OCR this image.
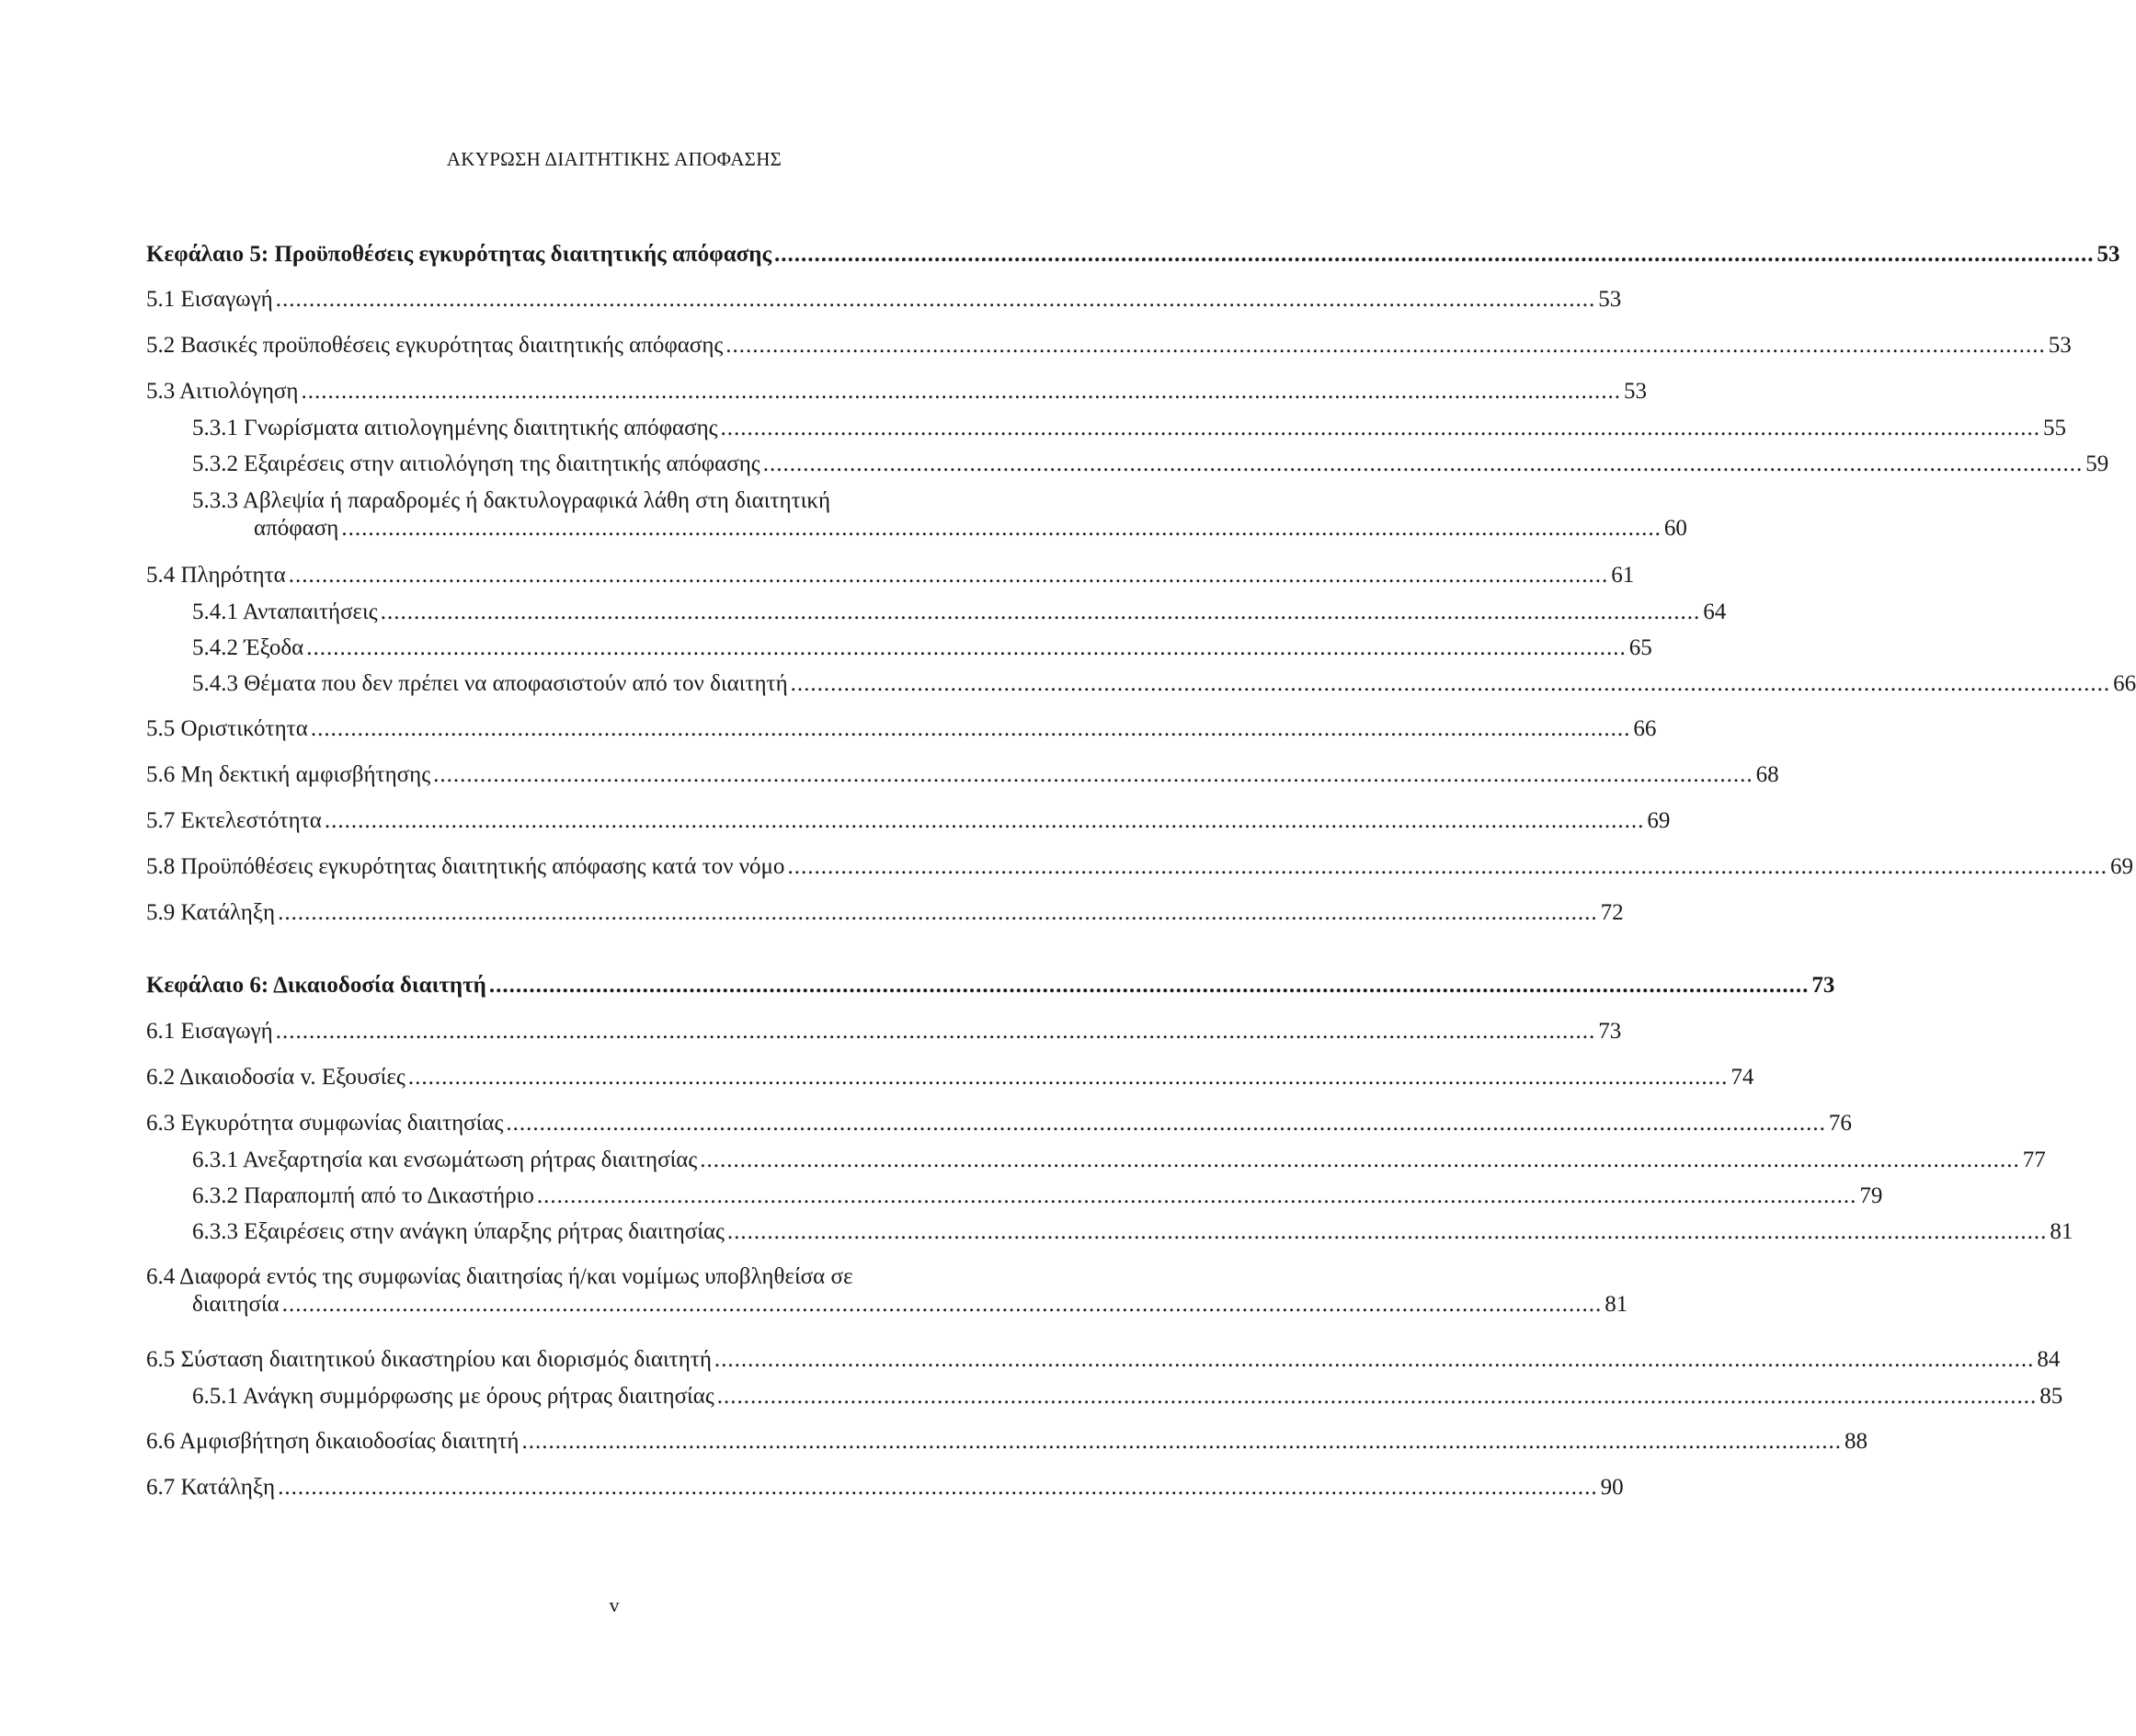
ΑΚΥΡΩΣΗ ΔΙΑΙΤΗΤΙΚΗΣ ΑΠΟΦΑΣΗΣ
Κεφάλαιο 5: Προϋποθέσεις εγκυρότητας διαιτητικής απόφασης ...................................................................................................................................................................................................... 53
5.1 Εισαγωγή ...................................................................................................................................................................................................... 53
5.2 Βασικές προϋποθέσεις εγκυρότητας διαιτητικής απόφασης ...................................................................................................................................................................................................... 53
5.3 Αιτιολόγηση ...................................................................................................................................................................................................... 53
5.3.1 Γνωρίσματα αιτιολογημένης διαιτητικής απόφασης ...................................................................................................................................................................................................... 55
5.3.2 Εξαιρέσεις στην αιτιολόγηση της διαιτητικής απόφασης ...................................................................................................................................................................................................... 59
5.3.3 Αβλεψία ή παραδρομές ή δακτυλογραφικά λάθη στη διαιτητική
απόφαση ...................................................................................................................................................................................................... 60
5.4 Πληρότητα ...................................................................................................................................................................................................... 61
5.4.1 Ανταπαιτήσεις ...................................................................................................................................................................................................... 64
5.4.2 Έξοδα ...................................................................................................................................................................................................... 65
5.4.3 Θέματα που δεν πρέπει να αποφασιστούν από τον διαιτητή ...................................................................................................................................................................................................... 66
5.5 Οριστικότητα ...................................................................................................................................................................................................... 66
5.6 Μη δεκτική αμφισβήτησης ...................................................................................................................................................................................................... 68
5.7 Εκτελεστότητα ...................................................................................................................................................................................................... 69
5.8 Προϋπόθέσεις εγκυρότητας διαιτητικής απόφασης κατά τον νόμο ...................................................................................................................................................................................................... 69
5.9 Κατάληξη ...................................................................................................................................................................................................... 72
Κεφάλαιο 6: Δικαιοδοσία διαιτητή ...................................................................................................................................................................................................... 73
6.1 Εισαγωγή ...................................................................................................................................................................................................... 73
6.2 Δικαιοδοσία v. Εξουσίες ...................................................................................................................................................................................................... 74
6.3 Εγκυρότητα συμφωνίας διαιτησίας ...................................................................................................................................................................................................... 76
6.3.1 Ανεξαρτησία και ενσωμάτωση ρήτρας διαιτησίας ...................................................................................................................................................................................................... 77
6.3.2 Παραπομπή από το Δικαστήριο ...................................................................................................................................................................................................... 79
6.3.3 Εξαιρέσεις στην ανάγκη ύπαρξης ρήτρας διαιτησίας ...................................................................................................................................................................................................... 81
6.4 Διαφορά εντός της συμφωνίας διαιτησίας ή/και νομίμως υποβληθείσα σε
διαιτησία ...................................................................................................................................................................................................... 81
6.5 Σύσταση διαιτητικού δικαστηρίου και διορισμός διαιτητή ...................................................................................................................................................................................................... 84
6.5.1 Ανάγκη συμμόρφωσης με όρους ρήτρας διαιτησίας ...................................................................................................................................................................................................... 85
6.6 Αμφισβήτηση δικαιοδοσίας διαιτητή ...................................................................................................................................................................................................... 88
6.7 Κατάληξη ...................................................................................................................................................................................................... 90
v
